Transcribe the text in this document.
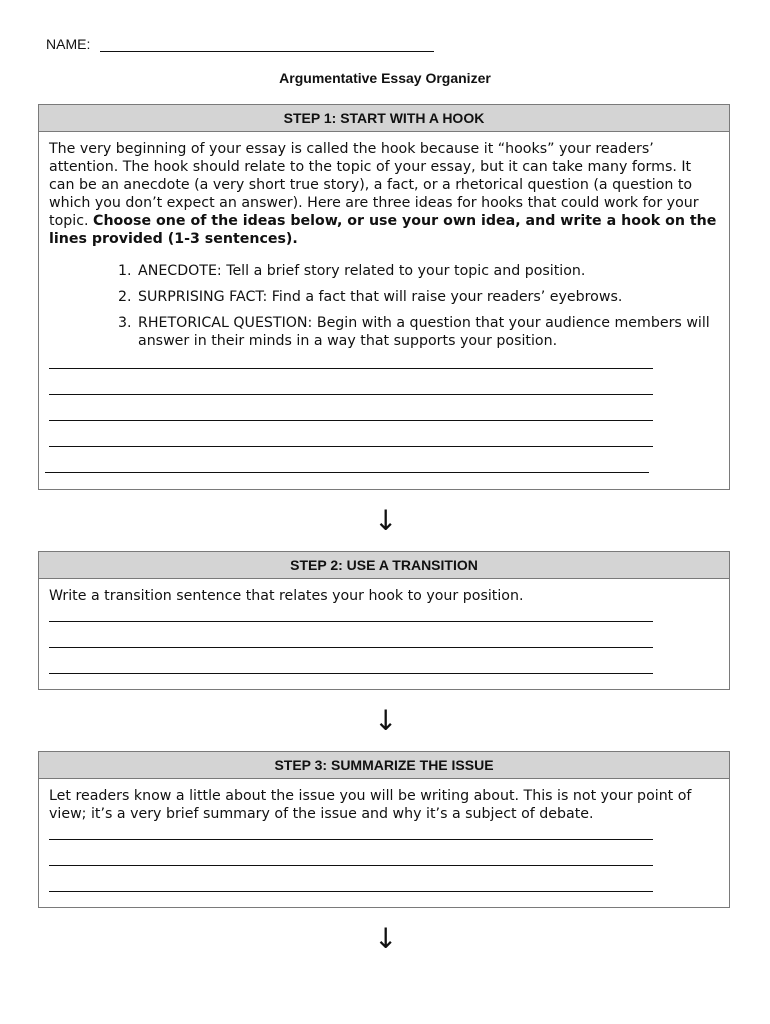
NAME:
Argumentative Essay Organizer
STEP 1: START WITH A HOOK

The very beginning of your essay is called the hook because it “hooks” your readers’ attention. The hook should relate to the topic of your essay, but it can take many forms. It can be an anecdote (a very short true story), a fact, or a rhetorical question (a question to which you don’t expect an answer). Here are three ideas for hooks that could work for your topic. Choose one of the ideas below, or use your own idea, and write a hook on the lines provided (1-3 sentences).

1. ANECDOTE: Tell a brief story related to your topic and position.
2. SURPRISING FACT: Find a fact that will raise your readers’ eyebrows.
3. RHETORICAL QUESTION: Begin with a question that your audience members will answer in their minds in a way that supports your position.
↓
STEP 2: USE A TRANSITION

Write a transition sentence that relates your hook to your position.

↓
STEP 3: SUMMARIZE THE ISSUE

Let readers know a little about the issue you will be writing about. This is not your point of view; it’s a very brief summary of the issue and why it’s a subject of debate.

↓
